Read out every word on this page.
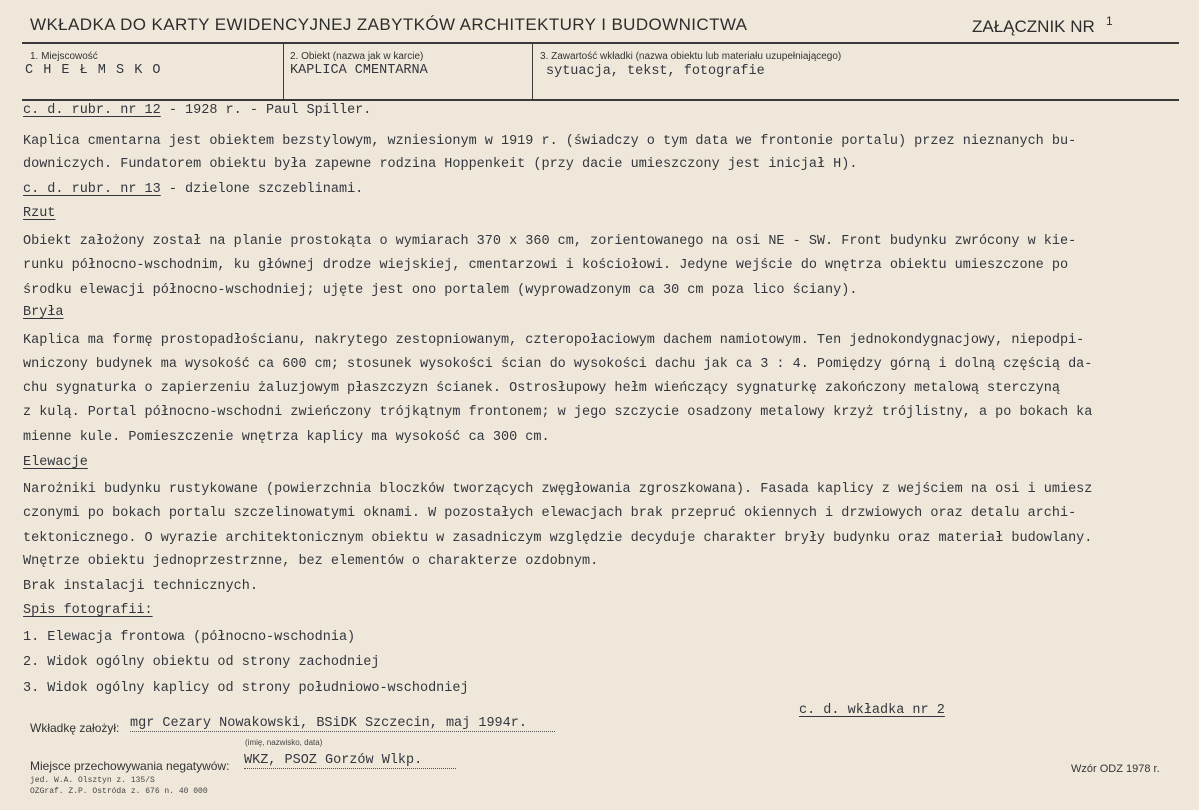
WKŁADKA DO KARTY EWIDENCYJNEJ ZABYTKÓW ARCHITEKTURY I BUDOWNICTWA	ZAŁĄCZNIK NR 1
1. Miejscowość
C H E Ł M S K O
2. Obiekt (nazwa jak w karcie)
KAPLICA CMENTARNA
3. Zawartość wkładki (nazwa obiektu lub materiału uzupełniającego)
sytuacja, tekst, fotografie
c. d. rubr. nr 12 - 1928 r. - Paul Spiller.
Kaplica cmentarna jest obiektem bezstylowym, wzniesionym w 1919 r. (świadczy o tym data we frontonie portalu) przez nieznanych bu-
downiczych. Fundatorem obiektu była zapewne rodzina Hoppenkeit (przy dacie umieszczony jest inicjał H).
c. d. rubr. nr 13 - dzielone szczeblinami.
Rzut
Obiekt założony został na planie prostokąta o wymiarach 370 x 360 cm, zorientowanego na osi NE - SW. Front budynku zwrócony w kie-
runku północno-wschodnim, ku głównej drodze wiejskiej, cmentarzowi i kościołowi. Jedyne wejście do wnętrza obiektu umieszczone po
środku elewacji północno-wschodniej; ujęte jest ono portalem (wyprowadzonym ca 30 cm poza lico ściany).
Bryła
Kaplica ma formę prostopadłościanu, nakrytego zestopniowanym, czteropołaciowym dachem namiotowym. Ten jednokondygnacjowy, niepodpi-
wniczony budynek ma wysokość ca 600 cm; stosunek wysokości ścian do wysokości dachu jak ca 3 : 4. Pomiędzy górną i dolną częścią da-
chu sygnaturka o zapierzeniu żaluzjowym płaszczyzn ścianek. Ostrosłupowy hełm wieńczący sygnaturkę zakończony metalową sterczyną
z kulą. Portal północno-wschodni zwieńczony trójkątnym frontonem; w jego szczycie osadzony metalowy krzyż trójlistny, a po bokach ka
mienne kule. Pomieszczenie wnętrza kaplicy ma wysokość ca 300 cm.
Elewacje
Narożniki budynku rustykowane (powierzchnia bloczków tworzących zwęgłowania zgroszkowana). Fasada kaplicy z wejściem na osi i umiesz
czonymi po bokach portalu szczelinowatymi oknami. W pozostałych elewacjach brak przepruć okiennych i drzwiowych oraz detalu archi-
tektonicznego. O wyrazie architektonicznym obiektu w zasadniczym względzie decyduje charakter bryły budynku oraz materiał budowlany.
Wnętrze obiektu jednoprzestrznne, bez elementów o charakterze ozdobnym.
Brak instalacji technicznych.
Spis fotografii:
1. Elewacja frontowa (północno-wschodnia)
2. Widok ogólny obiektu od strony zachodniej
3. Widok ogólny kaplicy od strony południowo-wschodniej
c. d. wkładka nr 2
Wkładkę założył: mgr Cezary Nowakowski, BSiDK Szczecin, maj 1994r.
(imię, nazwisko, data)
Miejsce przechowywania negatywów: WKZ, PSOZ Gorzów Wlkp.
jed. W.A. Olsztyn z. 135/S
OZGraf. Z.P. Ostróda z. 676 n. 40 000
Wzór ODZ 1978 r.
